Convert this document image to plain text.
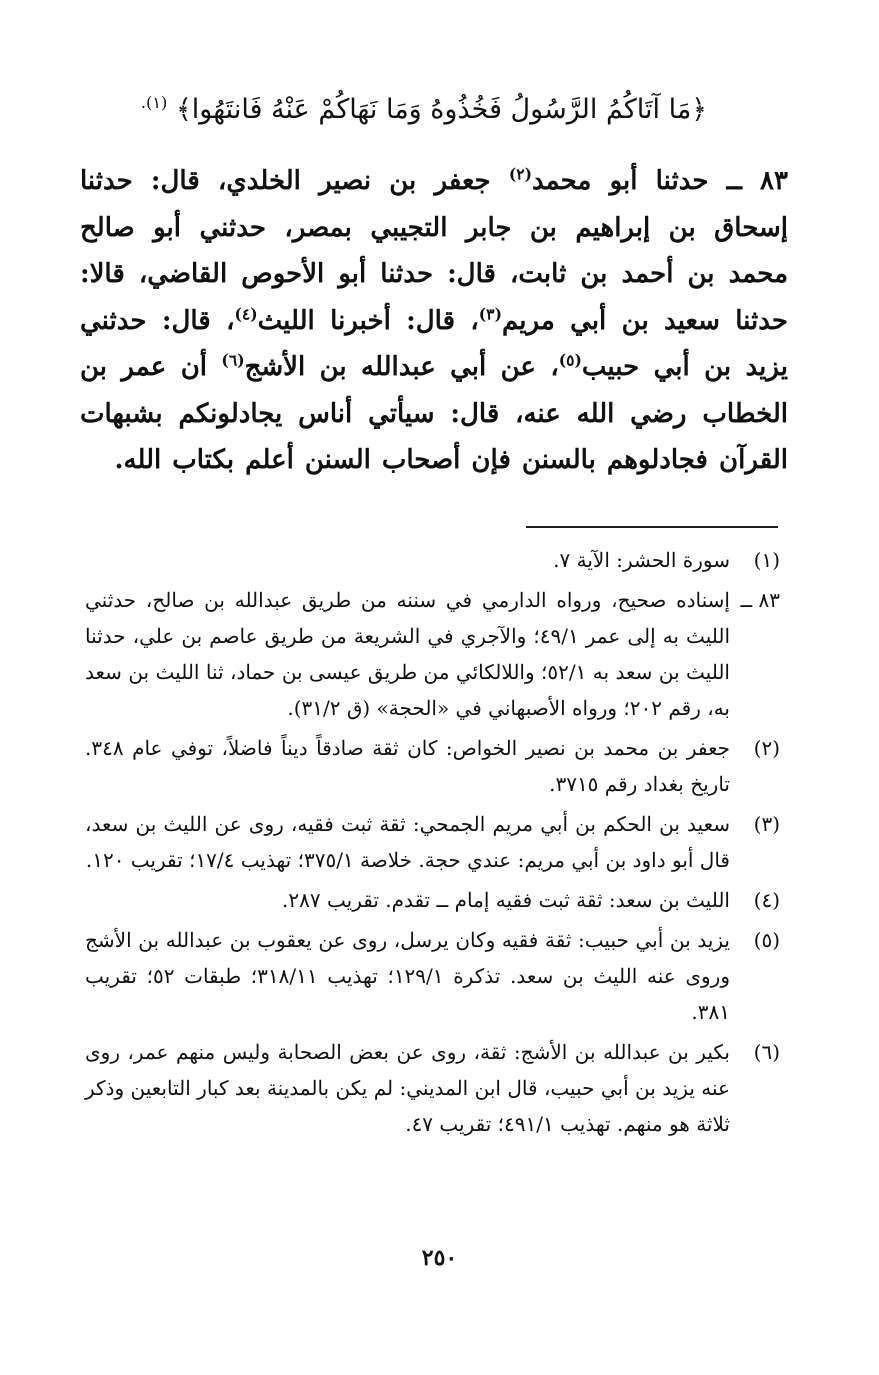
﴿مَا آتَاكُمُ الرَّسُولُ فَخُذُوهُ وَمَا نَهَاكُمْ عَنْهُ فَانتَهُوا﴾ $^{(١).}$
٨٣ ــ حدثنا أبو محمد$^{(٢)}$ جعفر بن نصير الخلدي، قال: حدثنا إسحاق بن إبراهيم بن جابر التجيبي بمصر، حدثني أبو صالح محمد بن أحمد بن ثابت، قال: حدثنا أبو الأحوص القاضي، قالا: حدثنا سعيد بن أبي مريم$^{(٣)}$، قال: أخبرنا الليث$^{(٤)}$، قال: حدثني يزيد بن أبي حبيب$^{(٥)}$، عن أبي عبدالله بن الأشج$^{(٦)}$ أن عمر بن الخطاب رضي الله عنه، قال: سيأتي أناس يجادلونكم بشبهات القرآن فجادلوهم بالسنن فإن أصحاب السنن أعلم بكتاب الله.
(١)
سورة الحشر: الآية ٧.
٨٣ ــ
إسناده صحيح، ورواه الدارمي في سننه من طريق عبدالله بن صالح، حدثني الليث به إلى عمر ٤٩/١؛ والآجري في الشريعة من طريق عاصم بن علي، حدثنا الليث بن سعد به ٥٢/١؛ واللالكائي من طريق عيسى بن حماد، ثنا الليث بن سعد به، رقم ٢٠٢؛ ورواه الأصبهاني في «الحجة» (ق ٣١/٢).
(٢)
جعفر بن محمد بن نصير الخواص: كان ثقة صادقاً ديناً فاضلاً، توفي عام ٣٤٨. تاريخ بغداد رقم ٣٧١٥.
(٣)
سعيد بن الحكم بن أبي مريم الجمحي: ثقة ثبت فقيه، روى عن الليث بن سعد، قال أبو داود بن أبي مريم: عندي حجة. خلاصة ٣٧٥/١؛ تهذيب ١٧/٤؛ تقريب ١٢٠.
(٤)
الليث بن سعد: ثقة ثبت فقيه إمام ــ تقدم. تقريب ٢٨٧.
(٥)
يزيد بن أبي حبيب: ثقة فقيه وكان يرسل، روى عن يعقوب بن عبدالله بن الأشج وروى عنه الليث بن سعد. تذكرة ١٢٩/١؛ تهذيب ٣١٨/١١؛ طبقات ٥٢؛ تقريب ٣٨١.
(٦)
بكير بن عبدالله بن الأشج: ثقة، روى عن بعض الصحابة وليس منهم عمر، روى عنه يزيد بن أبي حبيب، قال ابن المديني: لم يكن بالمدينة بعد كبار التابعين وذكر ثلاثة هو منهم. تهذيب ٤٩١/١؛ تقريب ٤٧.
٢٥٠
